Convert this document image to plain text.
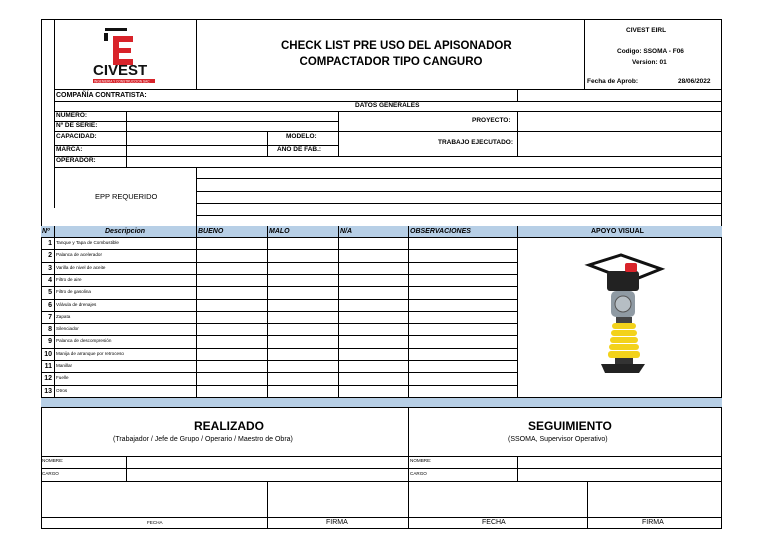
CIVEST
INGENIERIA Y CONSTRUCCION SAC
CHECK LIST PRE USO DEL APISONADOR
COMPACTADOR TIPO CANGURO
CIVEST EIRL
Codigo: SSOMA - F06
Version: 01
Fecha de Aprob:	28/06/2022
COMPAÑÍA CONTRATISTA:
DATOS GENERALES
NUMERO:
Nº DE SERIE:
CAPACIDAD:
MARCA:
OPERADOR:
MODELO:
AÑO DE FAB.:
PROYECTO:
TRABAJO EJECUTADO:
EPP REQUERIDO
Nº	Descripcion	BUENO	MALO	N/A	OBSERVACIONES	APOYO VISUAL
1 Tanque y Tapa de Combustible
2 Palanca de acelerador
3 Varilla de nivel de aceite
4 Filtro de aire
5 Filtro de gasolina
6 Válvula de drenajes
7 Zapata
8 Silenciador
9 Palanca de descompresión
10 Manija de arranque por retroceso
11 Manillar
12 Fuelle
13 Otros
REALIZADO
(Trabajador / Jefe de Grupo / Operario / Maestro de Obra)
SEGUIMIENTO
(SSOMA, Supervisor Operativo)
NOMBRE:
CARGO
NOMBRE:
CARGO
FECHA	FIRMA	FECHA	FIRMA
